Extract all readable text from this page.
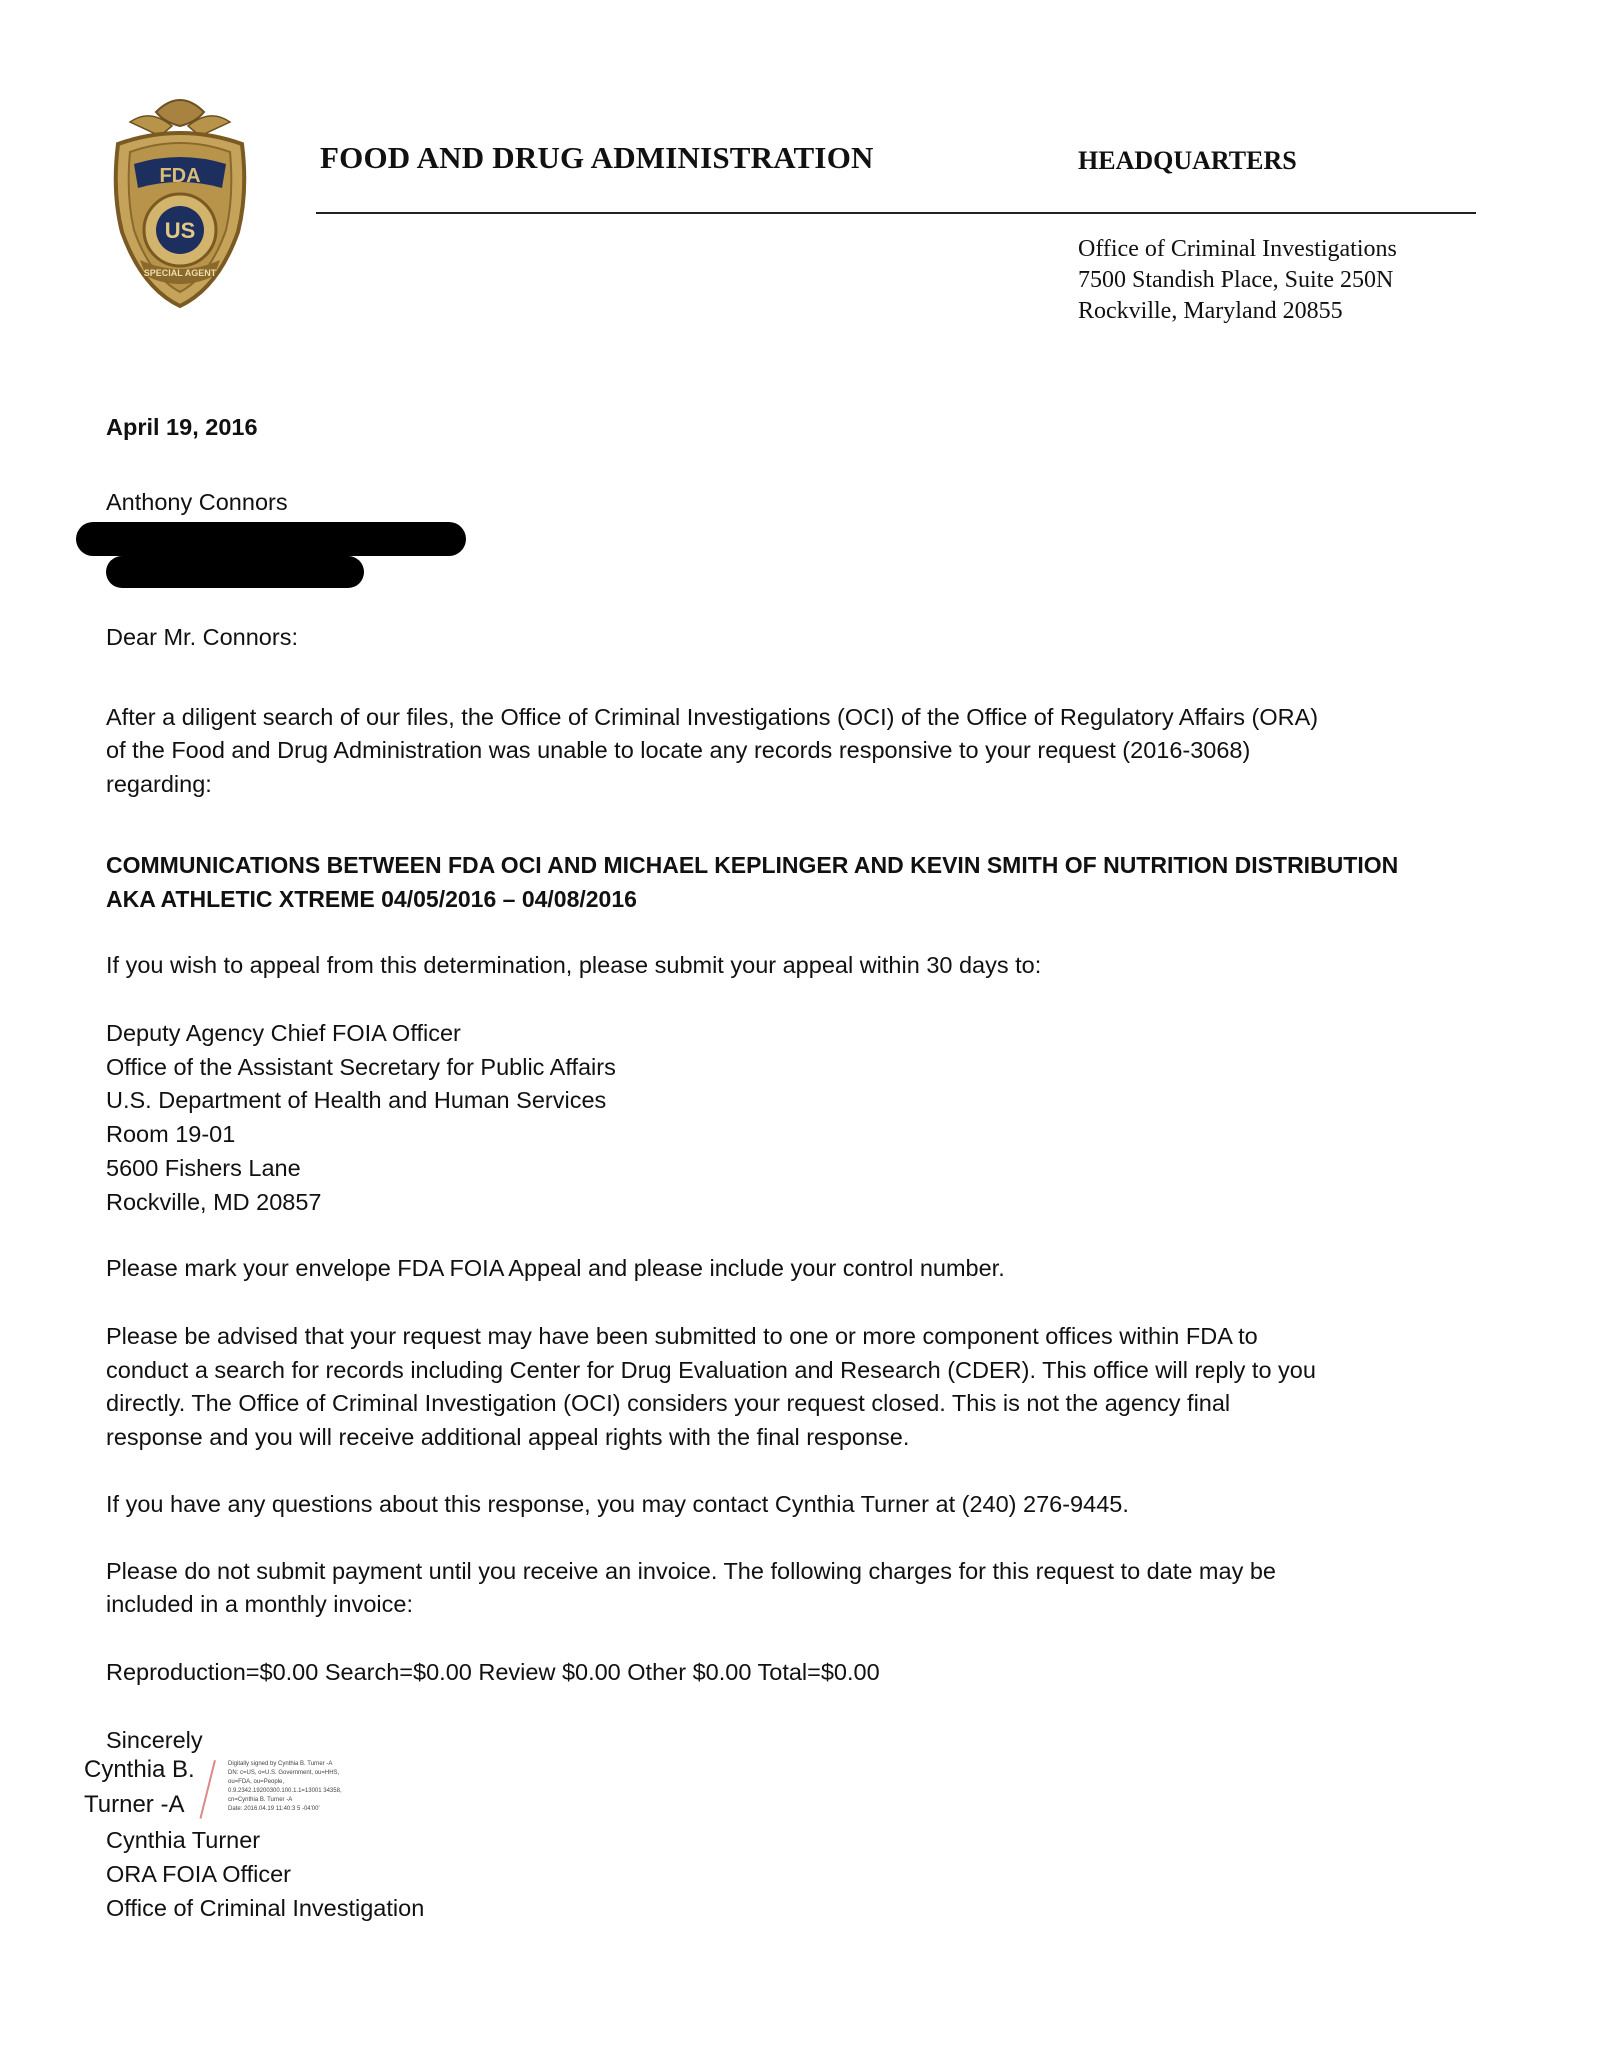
FDA
US
SPECIAL AGENT
FOOD AND DRUG ADMINISTRATION	HEADQUARTERS
Office of Criminal Investigations
7500 Standish Place, Suite 250N
Rockville, Maryland 20855
April 19, 2016
Anthony Connors
Dear Mr. Connors:
After a diligent search of our files, the Office of Criminal Investigations (OCI) of the Office of Regulatory Affairs (ORA)
of the Food and Drug Administration was unable to locate any records responsive to your request (2016-3068)
regarding:
COMMUNICATIONS BETWEEN FDA OCI AND MICHAEL KEPLINGER AND KEVIN SMITH OF NUTRITION DISTRIBUTION
AKA ATHLETIC XTREME 04/05/2016 – 04/08/2016
If you wish to appeal from this determination, please submit your appeal within 30 days to:
Deputy Agency Chief FOIA Officer
Office of the Assistant Secretary for Public Affairs
U.S. Department of Health and Human Services
Room 19-01
5600 Fishers Lane
Rockville, MD 20857
Please mark your envelope FDA FOIA Appeal and please include your control number.
Please be advised that your request may have been submitted to one or more component offices within FDA to
conduct a search for records including Center for Drug Evaluation and Research (CDER). This office will reply to you
directly. The Office of Criminal Investigation (OCI) considers your request closed. This is not the agency final
response and you will receive additional appeal rights with the final response.
If you have any questions about this response, you may contact Cynthia Turner at (240) 276-9445.
Please do not submit payment until you receive an invoice. The following charges for this request to date may be
included in a monthly invoice:
Reproduction=$0.00 Search=$0.00 Review $0.00 Other $0.00 Total=$0.00
Sincerely
Cynthia B.
Turner -A
Digitally signed by Cynthia B. Turner -A
DN: c=US, o=U.S. Government, ou=HHS,
ou=FDA, ou=People,
0.9.2342.19200300.100.1.1=13001 34358,
cn=Cynthia B. Turner -A
Date: 2016.04.19 11:40:3 5 -04'00'
Cynthia Turner
ORA FOIA Officer
Office of Criminal Investigation
